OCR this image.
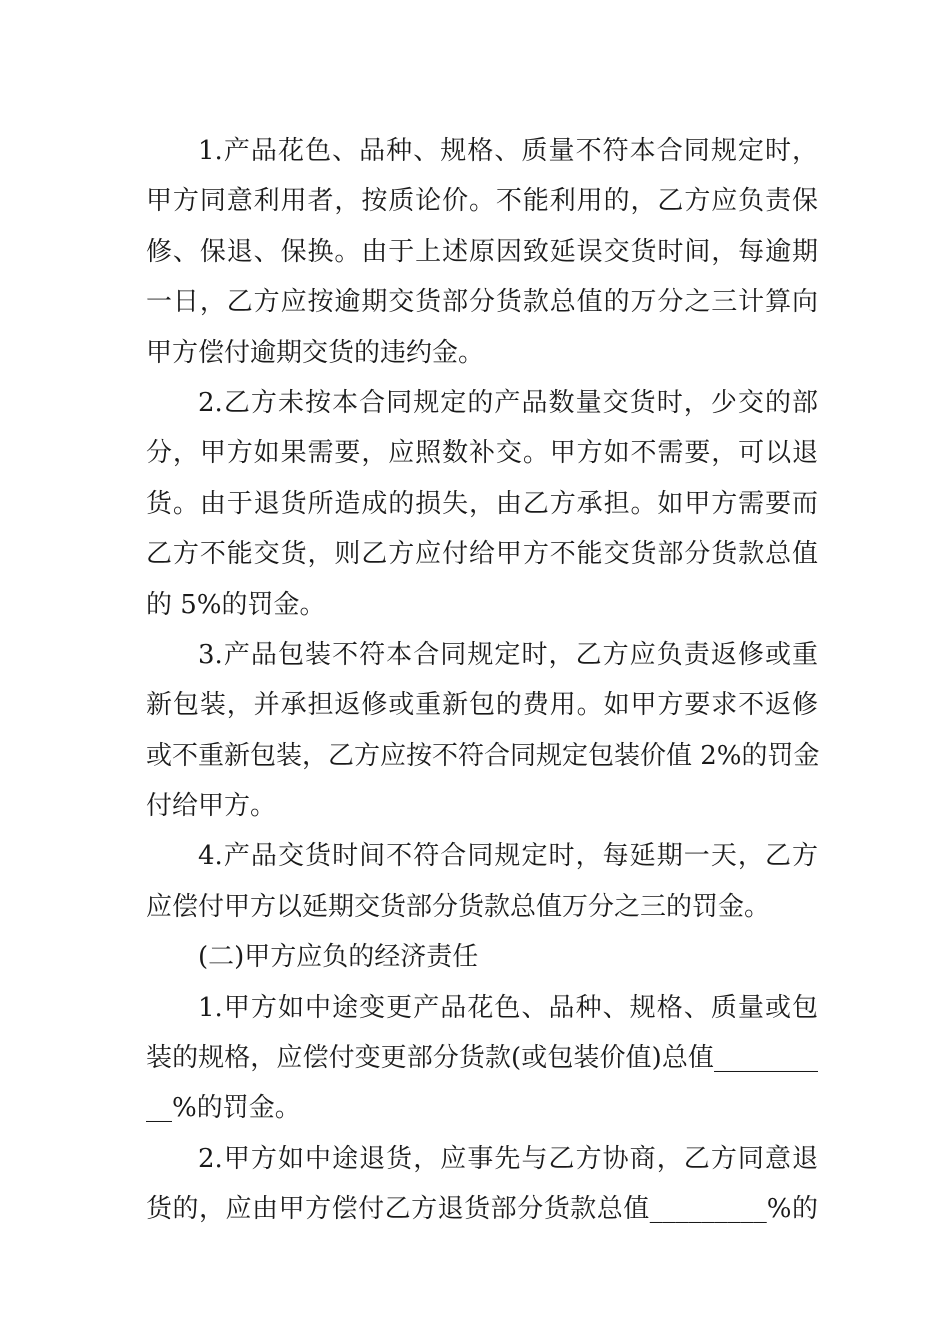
1.产品花色、品种、规格、质量不符本合同规定时，
甲方同意利用者，按质论价。不能利用的，乙方应负责保
修、保退、保换。由于上述原因致延误交货时间，每逾期
一日，乙方应按逾期交货部分货款总值的万分之三计算向
甲方偿付逾期交货的违约金。
2.乙方未按本合同规定的产品数量交货时，少交的部
分，甲方如果需要，应照数补交。甲方如不需要，可以退
货。由于退货所造成的损失，由乙方承担。如甲方需要而
乙方不能交货，则乙方应付给甲方不能交货部分货款总值
的 5%的罚金。
3.产品包装不符本合同规定时，乙方应负责返修或重
新包装，并承担返修或重新包的费用。如甲方要求不返修
或不重新包装，乙方应按不符合同规定包装价值 2%的罚金
付给甲方。
4.产品交货时间不符合同规定时，每延期一天，乙方
应偿付甲方以延期交货部分货款总值万分之三的罚金。
(二)甲方应负的经济责任
1.甲方如中途变更产品花色、品种、规格、质量或包
装的规格，应偿付变更部分货款(或包装价值)总值________
__%的罚金。
2.甲方如中途退货，应事先与乙方协商，乙方同意退
货的，应由甲方偿付乙方退货部分货款总值_________%的
